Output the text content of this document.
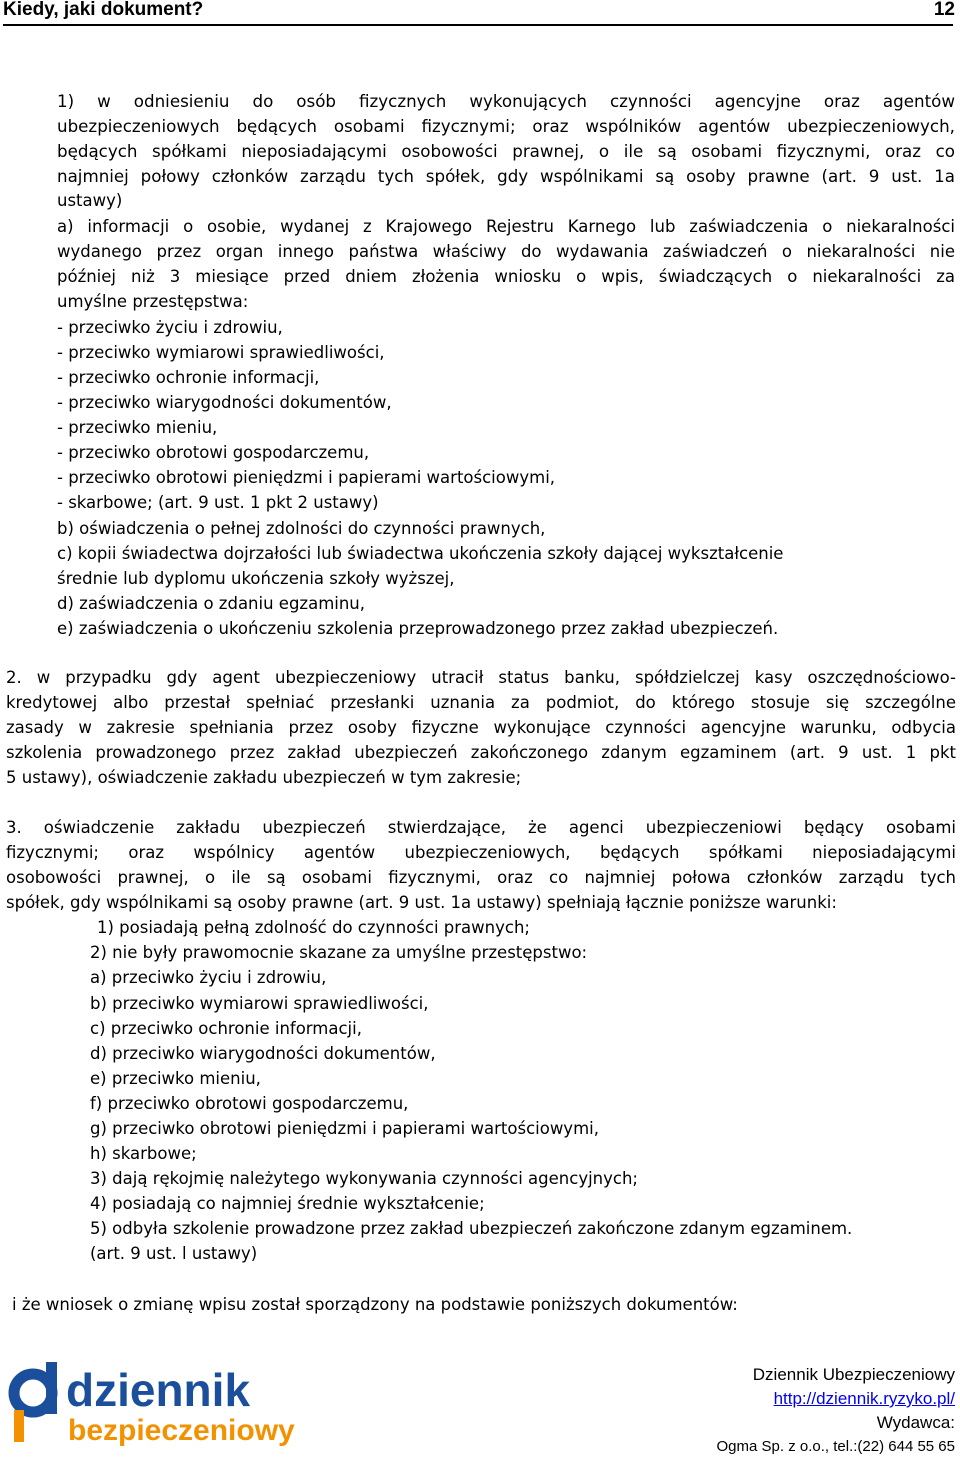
Kiedy, jaki dokument?	12
1) w odniesieniu do osób fizycznych wykonujących czynności agencyjne oraz agentów
ubezpieczeniowych będących osobami fizycznymi; oraz wspólników agentów ubezpieczeniowych,
będących spółkami nieposiadającymi osobowości prawnej, o ile są osobami fizycznymi, oraz co
najmniej połowy członków zarządu tych spółek, gdy wspólnikami są osoby prawne (art. 9 ust. 1a
ustawy)
a) informacji o osobie, wydanej z Krajowego Rejestru Karnego lub zaświadczenia o niekaralności
wydanego przez organ innego państwa właściwy do wydawania zaświadczeń o niekaralności nie
później niż 3 miesiące przed dniem złożenia wniosku o wpis, świadczących o niekaralności za
umyślne przestępstwa:
- przeciwko życiu i zdrowiu,
- przeciwko wymiarowi sprawiedliwości,
- przeciwko ochronie informacji,
- przeciwko wiarygodności dokumentów,
- przeciwko mieniu,
- przeciwko obrotowi gospodarczemu,
- przeciwko obrotowi pieniędzmi i papierami wartościowymi,
- skarbowe; (art. 9 ust. 1 pkt 2 ustawy)
b) oświadczenia o pełnej zdolności do czynności prawnych,
c) kopii świadectwa dojrzałości lub świadectwa ukończenia szkoły dającej wykształcenie
średnie lub dyplomu ukończenia szkoły wyższej,
d) zaświadczenia o zdaniu egzaminu,
e) zaświadczenia o ukończeniu szkolenia przeprowadzonego przez zakład ubezpieczeń.
2. w przypadku gdy agent ubezpieczeniowy utracił status banku, spółdzielczej kasy oszczędnościowo-
kredytowej albo przestał spełniać przesłanki uznania za podmiot, do którego stosuje się szczególne
zasady w zakresie spełniania przez osoby fizyczne wykonujące czynności agencyjne warunku, odbycia
szkolenia prowadzonego przez zakład ubezpieczeń zakończonego zdanym egzaminem (art. 9 ust. 1 pkt
5 ustawy), oświadczenie zakładu ubezpieczeń w tym zakresie;
3. oświadczenie zakładu ubezpieczeń stwierdzające, że agenci ubezpieczeniowi będący osobami
fizycznymi; oraz wspólnicy agentów ubezpieczeniowych, będących spółkami nieposiadającymi
osobowości prawnej, o ile są osobami fizycznymi, oraz co najmniej połowa członków zarządu tych
spółek, gdy wspólnikami są osoby prawne (art. 9 ust. 1a ustawy) spełniają łącznie poniższe warunki:
1) posiadają pełną zdolność do czynności prawnych;
2) nie były prawomocnie skazane za umyślne przestępstwo:
a) przeciwko życiu i zdrowiu,
b) przeciwko wymiarowi sprawiedliwości,
c) przeciwko ochronie informacji,
d) przeciwko wiarygodności dokumentów,
e) przeciwko mieniu,
f) przeciwko obrotowi gospodarczemu,
g) przeciwko obrotowi pieniędzmi i papierami wartościowymi,
h) skarbowe;
3) dają rękojmię należytego wykonywania czynności agencyjnych;
4) posiadają co najmniej średnie wykształcenie;
5) odbyła szkolenie prowadzone przez zakład ubezpieczeń zakończone zdanym egzaminem.
(art. 9 ust. l ustawy)
i że wniosek o zmianę wpisu został sporządzony na podstawie poniższych dokumentów:
dziennik
bezpieczeniowy
Dziennik Ubezpieczeniowy
http://dziennik.ryzyko.pl/
Wydawca:
Ogma Sp. z o.o., tel.:(22) 644 55 65
